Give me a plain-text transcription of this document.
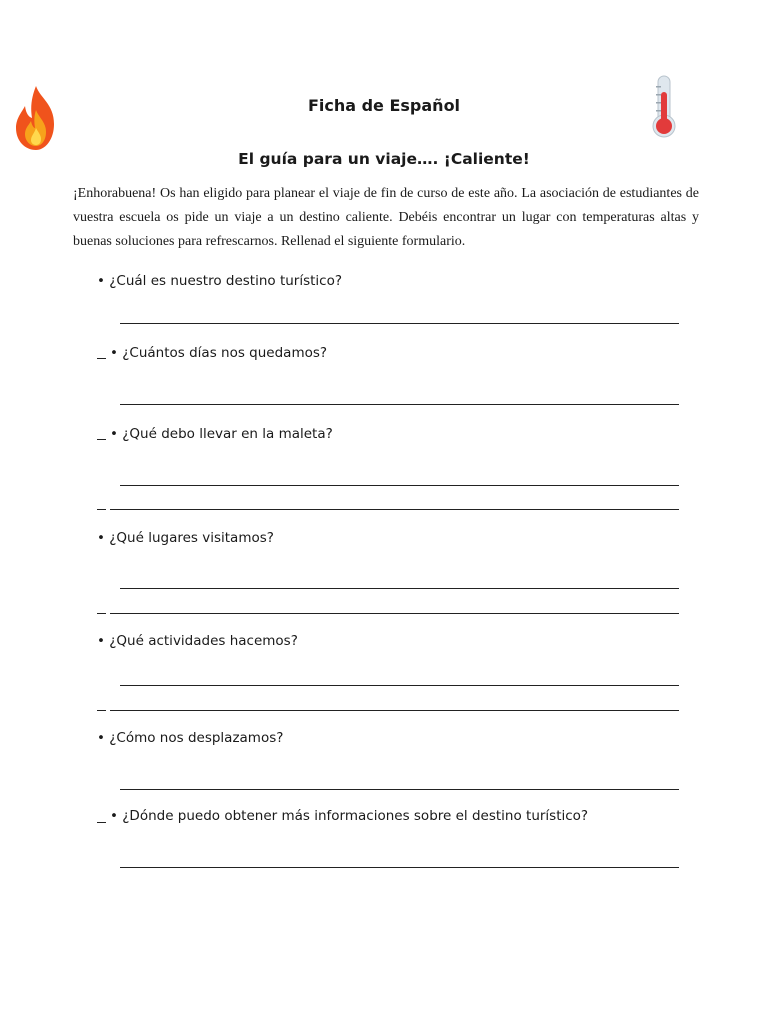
Ficha de Español
El guía para un viaje…. ¡Caliente!
¡Enhorabuena! Os han eligido para planear el viaje de fin de curso de este año. La asociación de estudiantes de vuestra escuela os pide un viaje a un destino caliente. Debéis encontrar un lugar con temperaturas altas y buenas soluciones para refrescarnos. Rellenad el siguiente formulario.
• ¿Cuál es nuestro destino turístico?
• ¿Cuántos días nos quedamos?
• ¿Qué debo llevar en la maleta?
• ¿Qué lugares visitamos?
• ¿Qué actividades hacemos?
• ¿Cómo nos desplazamos?
• ¿Dónde puedo obtener más informaciones sobre el destino turístico?
